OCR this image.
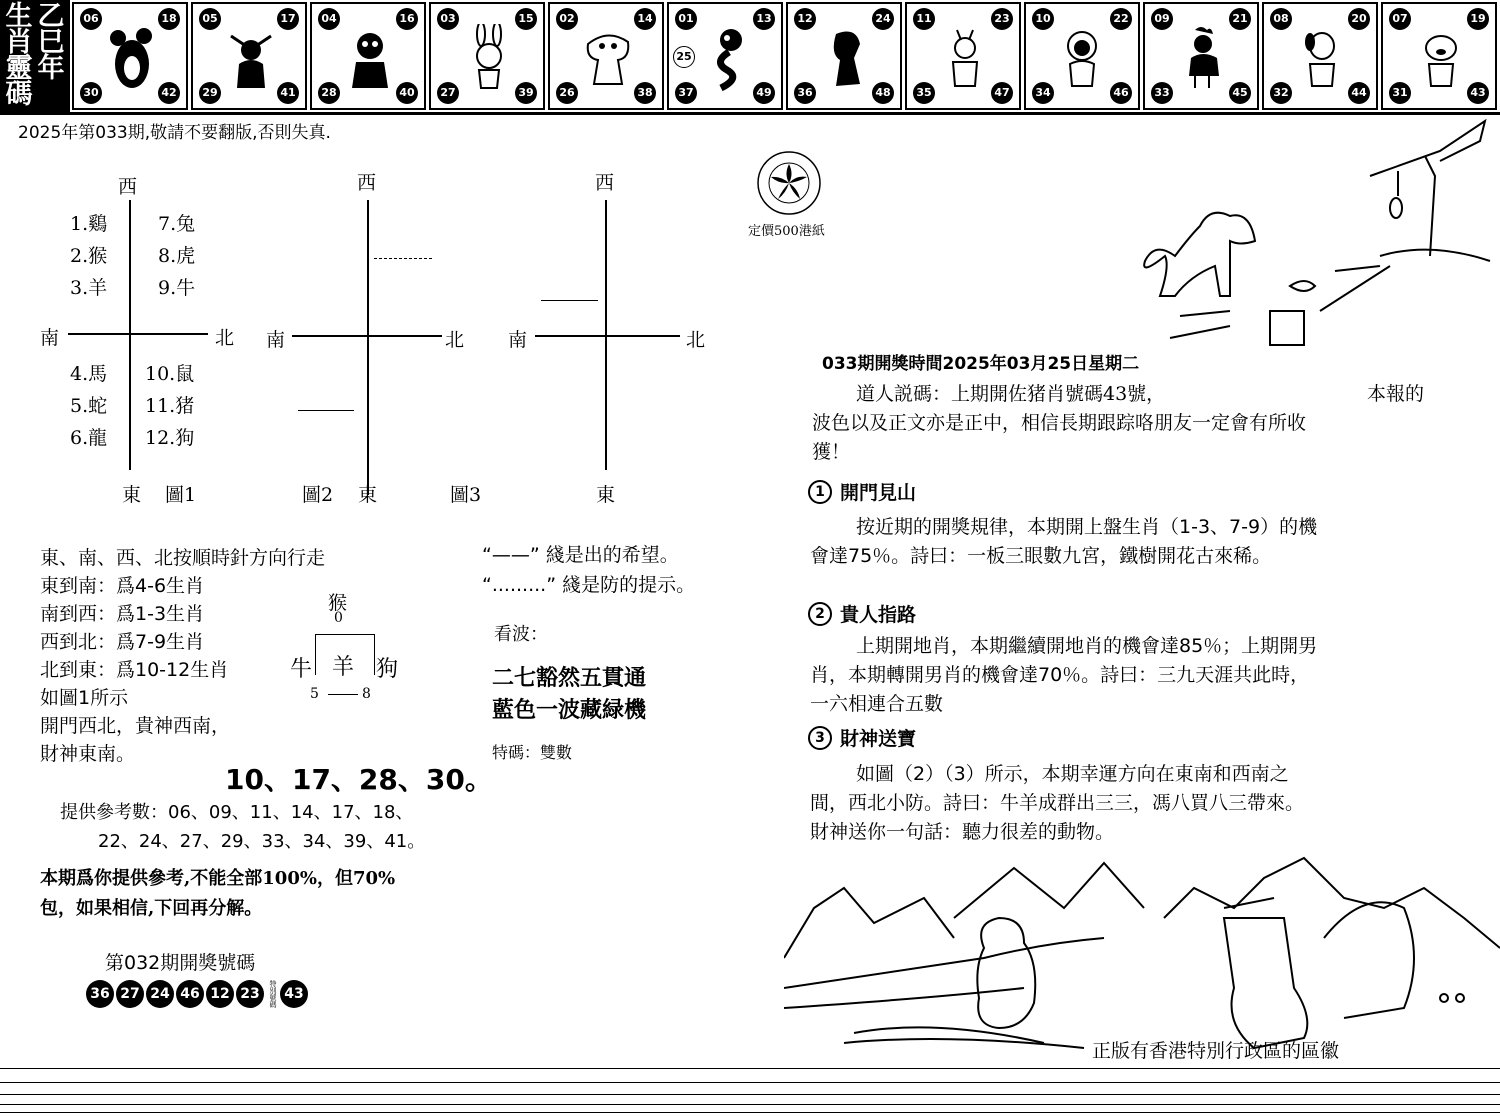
生肖靈碼
乙巳年
06	18
30	42
05	17
29	41
04	16
28	40
03	15
27	39
02	14
26	38
01	13
37	49
25
12	24
36	48
11	23
35	47
10	22
34	46
09	21
33	45
08	20
32	44
07	19
31	43
2025年第033期,敬請不要翻版,否則失真.
西
南	北
東 圖1
1.鷄
2.猴
3.羊
7.兔
8.虎
9.牛
4.馬
5.蛇
6.龍
10.鼠
11.猪
12.狗
西
南	北
圖2 東
西
南	北
圖3	東
東、南、西、北按順時針方向行走
東到南：爲4-6生肖
南到西：爲1-3生肖
西到北：爲7-9生肖
北到東：爲10-12生肖
如圖1所示
開門西北，貴神西南，
財神東南。
猴
0
牛 羊 狗
5	8
“——” 綫是出的希望。
“.........” 綫是防的提示。
看波：
二七豁然五貫通
藍色一波藏緑機
特碼：雙數
10、17、28、30。
提供參考數：06、09、11、14、17、18、
22、24、27、29、33、34、39、41。
本期爲你提供參考,不能全部100%，但70%
包，如果相信,下回再分解。
第032期開獎號碼
36 27 24 46 12 23	特別號碼 43
定價500港紙
033期開獎時間2025年03月25日星期二
道人説碼：上期開佐猪肖號碼43號，	本報的
波色以及正文亦是正中，相信長期跟踪咯朋友一定會有所收
獲！
1 開門見山
按近期的開獎規律，本期開上盤生肖（1-3、7-9）的機
會達75％。詩曰：一板三眼數九宮，鐵樹開花古來稀。
2 貴人指路
上期開地肖，本期繼續開地肖的機會達85％；上期開男
肖，本期轉開男肖的機會達70％。詩曰：三九天涯共此時，
一六相連合五數
3 財神送寶
如圖（2）（3）所示，本期幸運方向在東南和西南之
間，西北小防。詩曰：牛羊成群出三三，馮八買八三帶來。
財神送你一句話：聽力很差的動物。
正版有香港特別行政區的區徽
